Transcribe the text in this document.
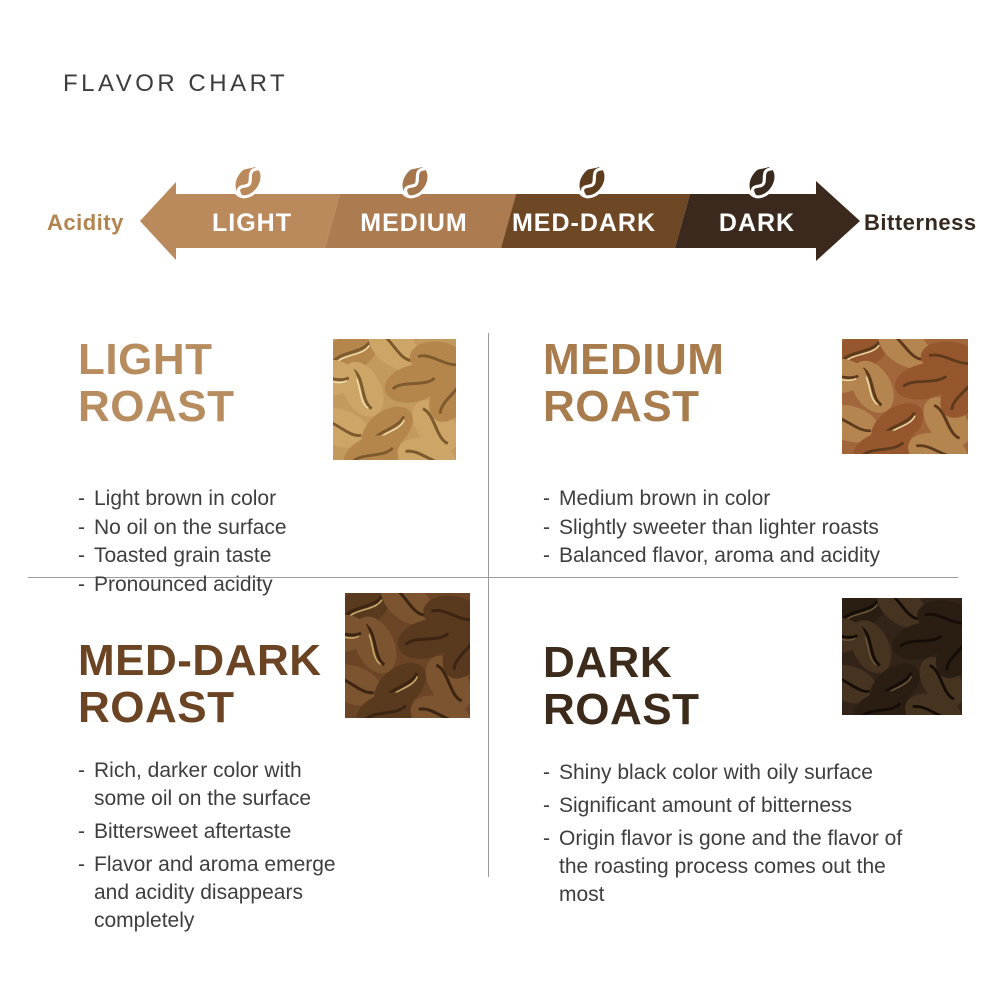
FLAVOR CHART
Acidity	Bitterness
LIGHT	MEDIUM MED-DARK	DARK
LIGHT
ROAST
- Light brown in color
- No oil on the surface
- Toasted grain taste
- Pronounced acidity
MEDIUM
ROAST
- Medium brown in color
- Slightly sweeter than lighter roasts
- Balanced flavor, aroma and acidity
MED-DARK
ROAST
- Rich, darker color with some oil on the surface
- Bittersweet aftertaste
- Flavor and aroma emerge and acidity disappears completely
DARK
ROAST
- Shiny black color with oily surface
- Significant amount of bitterness
- Origin flavor is gone and the flavor of the roasting process comes out the most
